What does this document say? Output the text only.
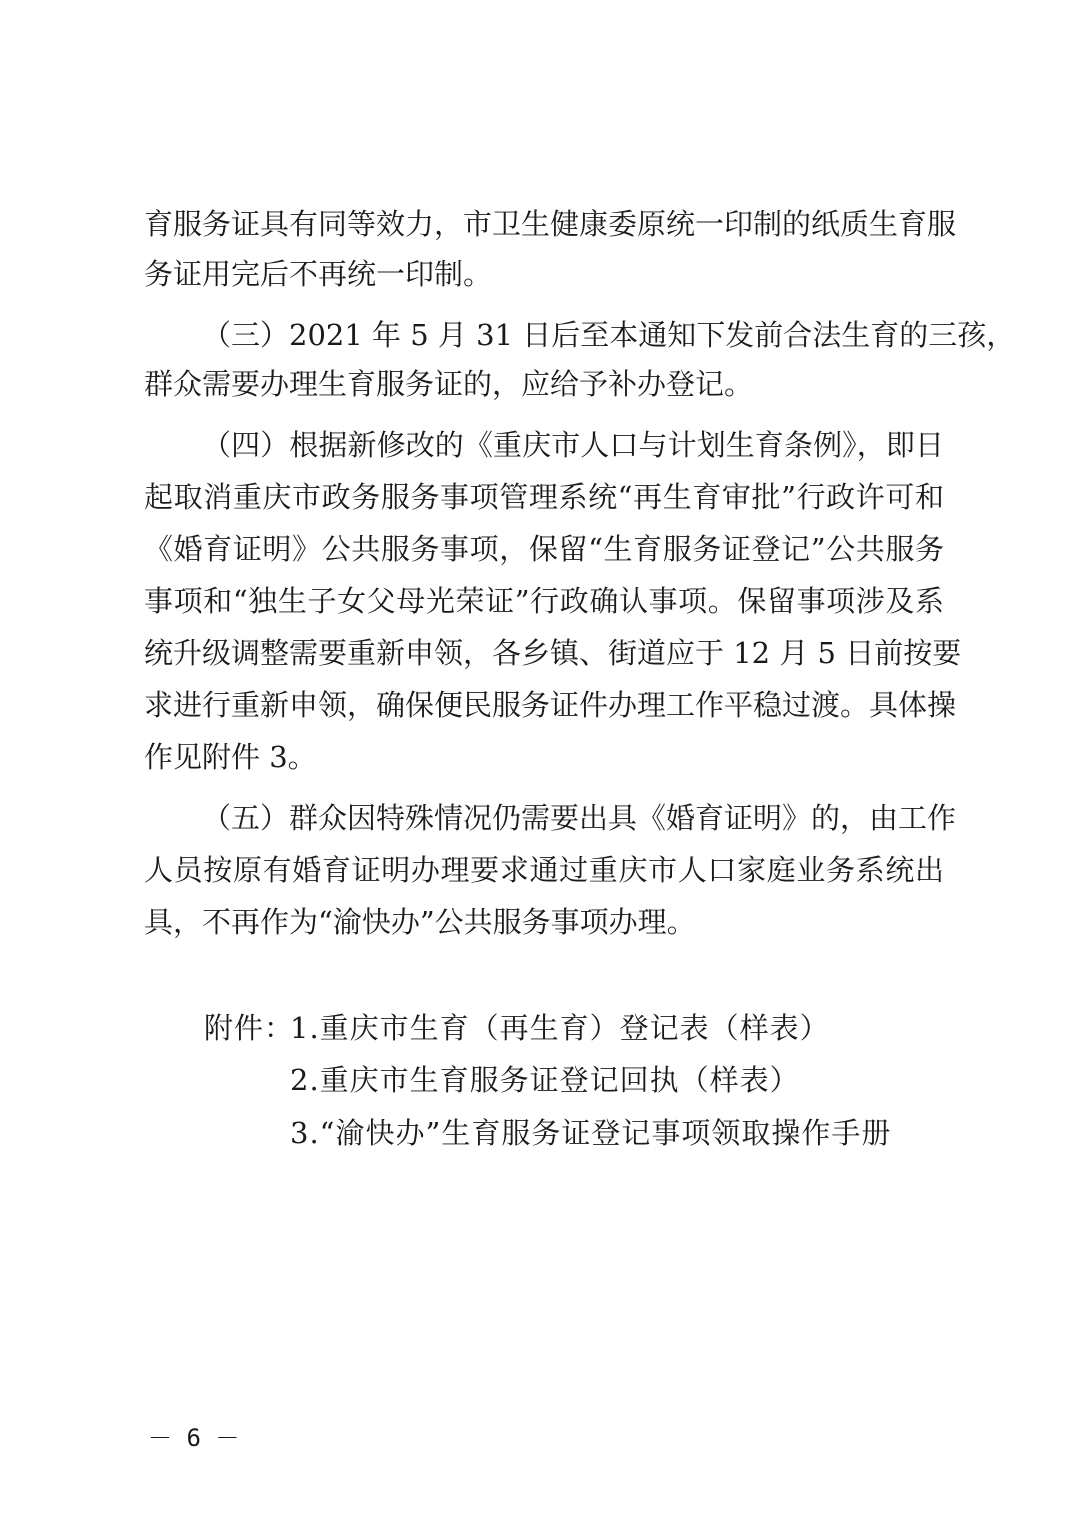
育服务证具有同等效力，市卫生健康委原统一印制的纸质生育服
务证用完后不再统一印制。
（三）2021 年 5 月 31 日后至本通知下发前合法生育的三孩，
群众需要办理生育服务证的，应给予补办登记。
（四）根据新修改的《重庆市人口与计划生育条例》，即日
起取消重庆市政务服务事项管理系统“再生育审批”行政许可和
《婚育证明》公共服务事项，保留“生育服务证登记”公共服务
事项和“独生子女父母光荣证”行政确认事项。保留事项涉及系
统升级调整需要重新申领，各乡镇、街道应于 12 月 5 日前按要
求进行重新申领，确保便民服务证件办理工作平稳过渡。具体操
作见附件 3。
（五）群众因特殊情况仍需要出具《婚育证明》的，由工作
人员按原有婚育证明办理要求通过重庆市人口家庭业务系统出
具，不再作为“渝快办”公共服务事项办理。
附件：
1.重庆市生育（再生育）登记表（样表）
2.重庆市生育服务证登记回执（样表）
3.“渝快办”生育服务证登记事项领取操作手册
－ 6 －
